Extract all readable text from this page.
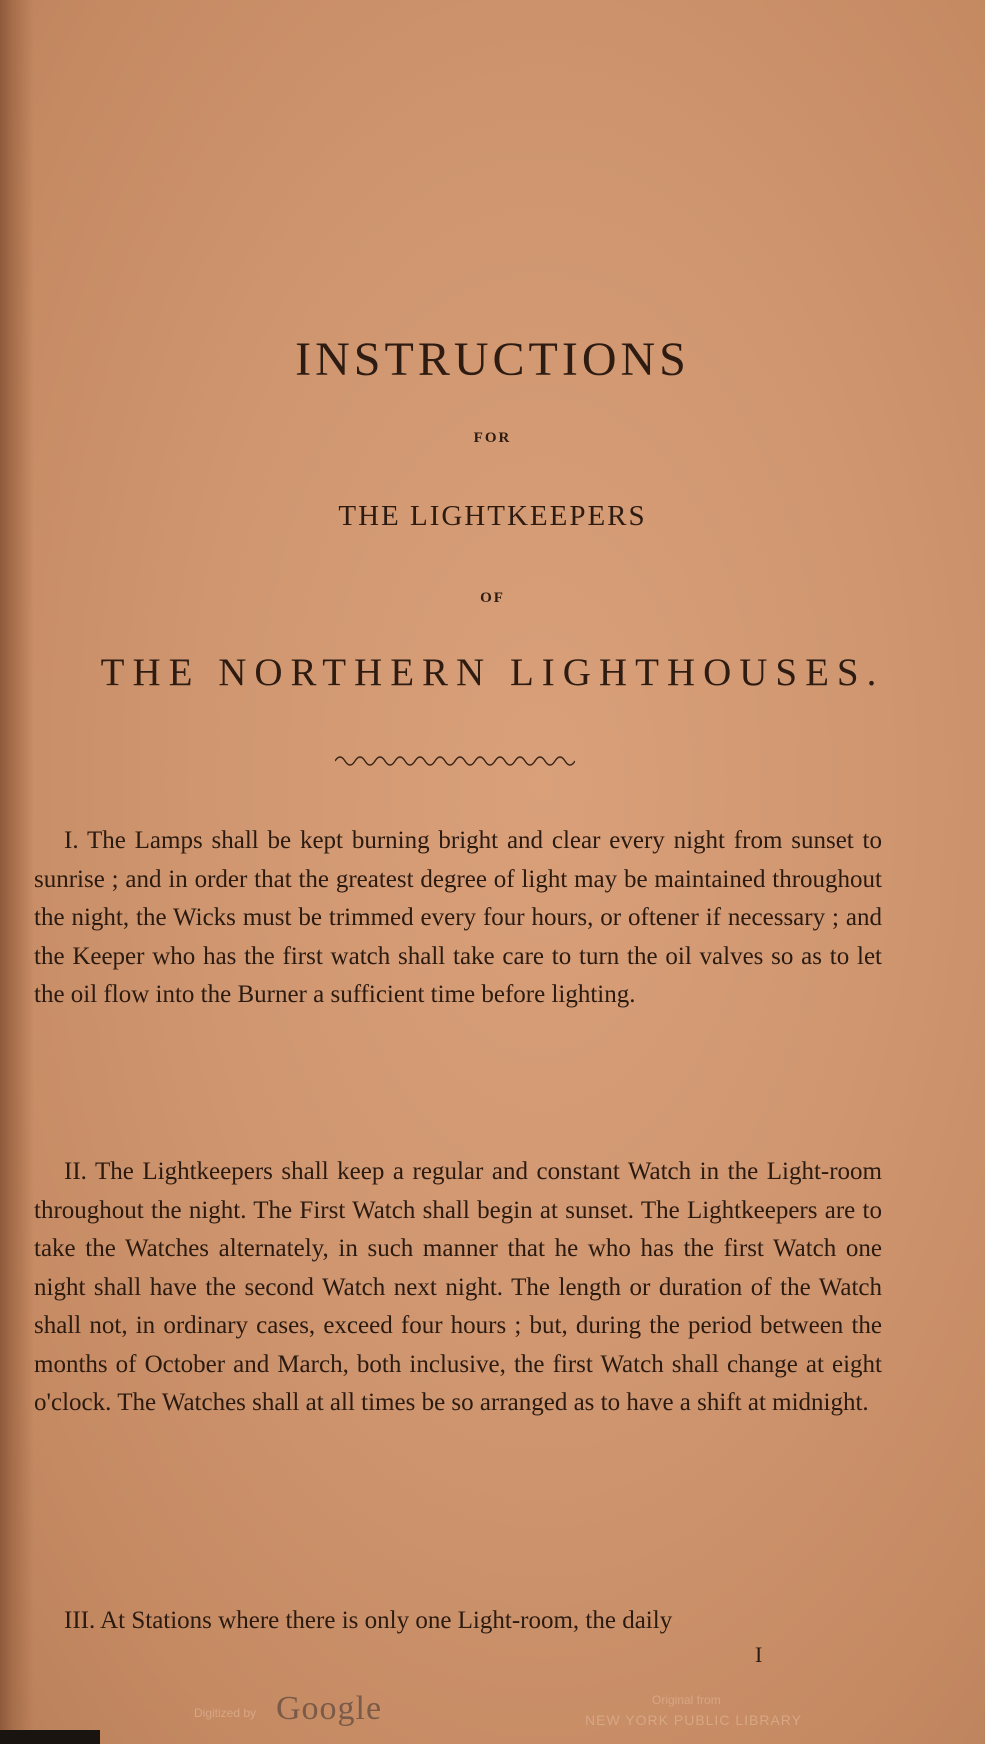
INSTRUCTIONS
FOR
THE LIGHTKEEPERS
OF
THE NORTHERN LIGHTHOUSES.

I. The Lamps shall be kept burning bright and clear every night from sunset to sunrise ; and in order that the greatest degree of light may be maintained throughout the night, the Wicks must be trimmed every four hours, or oftener if necessary ; and the Keeper who has the first watch shall take care to turn the oil valves so as to let the oil flow into the Burner a sufficient time before lighting.

II. The Lightkeepers shall keep a regular and constant Watch in the Light-room throughout the night. The First Watch shall begin at sunset. The Lightkeepers are to take the Watches alternately, in such manner that he who has the first Watch one night shall have the second Watch next night. The length or duration of the Watch shall not, in ordinary cases, exceed four hours ; but, during the period between the months of October and March, both inclusive, the first Watch shall change at eight o'clock. The Watches shall at all times be so arranged as to have a shift at midnight.

III. At Stations where there is only one Light-room, the daily

I
Digitized by Google	Original from
NEW YORK PUBLIC LIBRARY
